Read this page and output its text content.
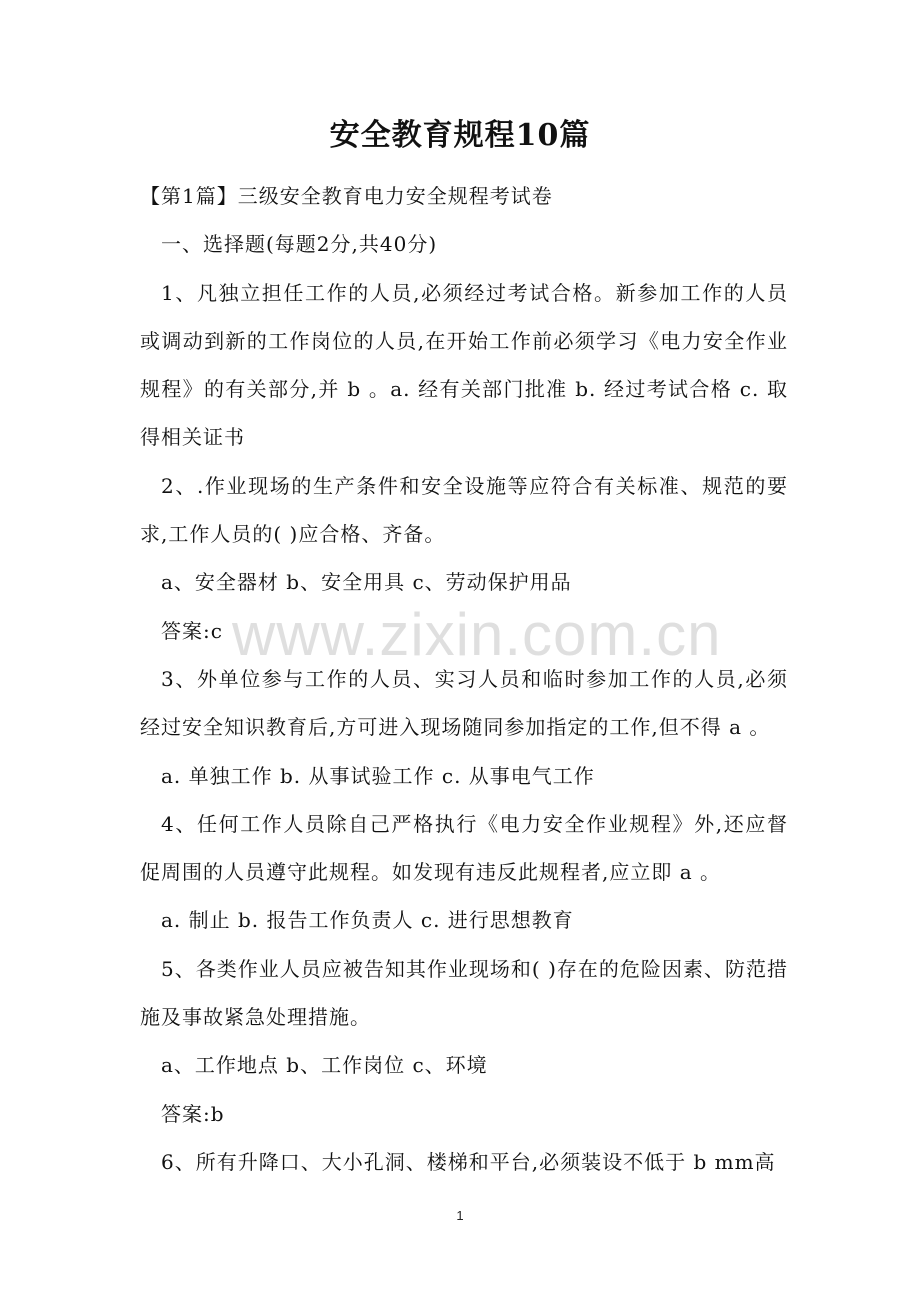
安全教育规程10篇

【第1篇】三级安全教育电力安全规程考试卷

一、选择题(每题2分,共40分)

1、凡独立担任工作的人员,必须经过考试合格。新参加工作的人员或调动到新的工作岗位的人员,在开始工作前必须学习《电力安全作业规程》的有关部分,并 b 。a. 经有关部门批准 b. 经过考试合格 c. 取得相关证书

2、.作业现场的生产条件和安全设施等应符合有关标准、规范的要求,工作人员的( )应合格、齐备。

a、安全器材 b、安全用具 c、劳动保护用品

答案:c

3、外单位参与工作的人员、实习人员和临时参加工作的人员,必须经过安全知识教育后,方可进入现场随同参加指定的工作,但不得 a 。

a. 单独工作 b. 从事试验工作 c. 从事电气工作

4、任何工作人员除自己严格执行《电力安全作业规程》外,还应督促周围的人员遵守此规程。如发现有违反此规程者,应立即 a 。

a. 制止 b. 报告工作负责人 c. 进行思想教育

5、各类作业人员应被告知其作业现场和( )存在的危险因素、防范措施及事故紧急处理措施。

a、工作地点 b、工作岗位 c、环境

答案:b

6、所有升降口、大小孔洞、楼梯和平台,必须装设不低于 b mm高

www.zixin.com.cn
1
